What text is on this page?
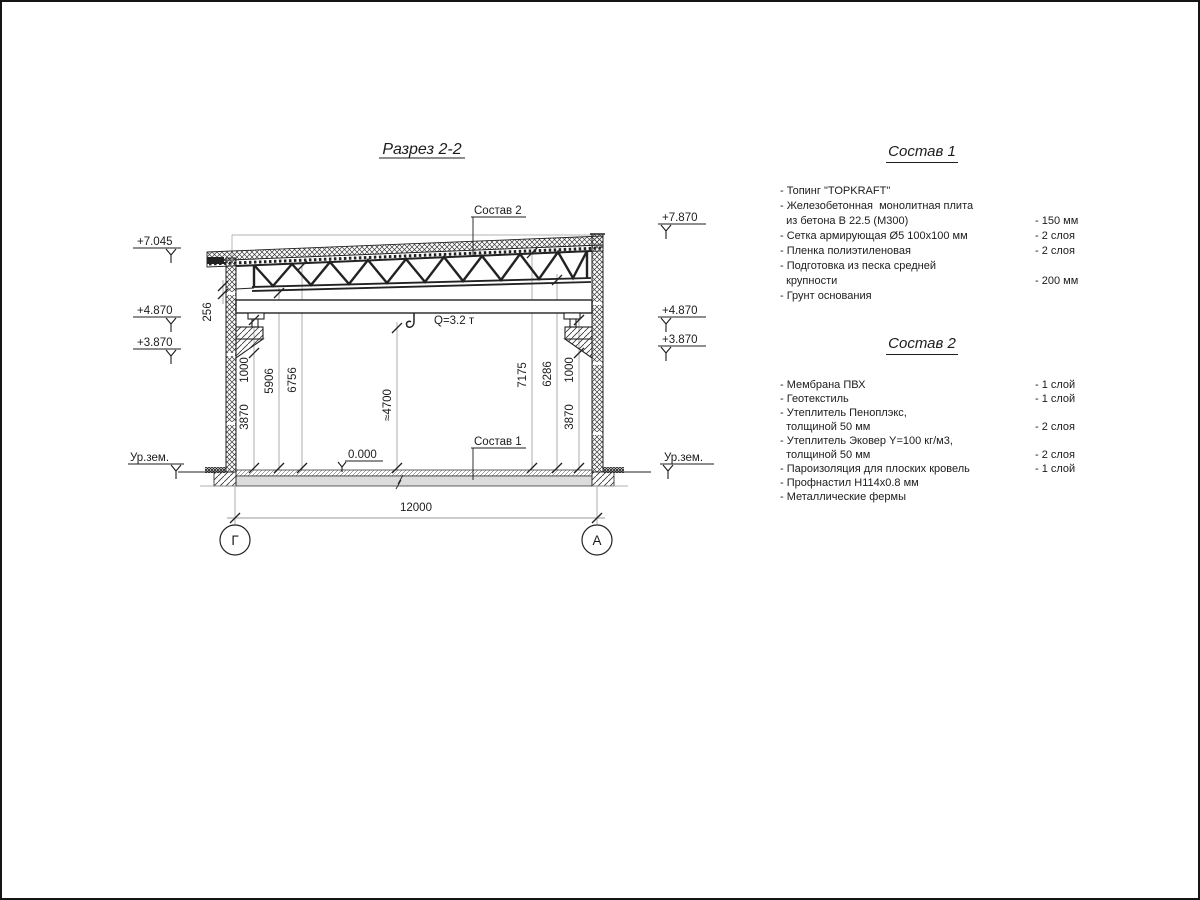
Разрез 2-2
3870
1000 5906 6756
≈4700
7175 6286 1000
3870
256
+7.045
+4.870
+3.870
Ур.зем.
+7.870
+4.870
+3.870
Ур.зем.
0.000
Состав 2
Состав 1
Q=3.2 т
12000
Г	А
Состав 1
- Топинг "TOPKRAFT"
- Железобетонная  монолитная плита
из бетона В 22.5 (М300)	- 150 мм
- Сетка армирующая Ø5 100x100 мм	- 2 слоя
- Пленка полиэтиленовая	- 2 слоя
- Подготовка из песка средней
крупности	- 200 мм
- Грунт основания
Состав 2
- Мембрана ПВХ	- 1 слой
- Геотекстиль	- 1 слой
- Утеплитель Пеноплэкс,
толщиной 50 мм	- 2 слоя
- Утеплитель Эковер Y=100 кг/м3,
толщиной 50 мм	- 2 слоя
- Пароизоляция для плоских кровель	- 1 слой
- Профнастил Н114х0.8 мм
- Металлические фермы
